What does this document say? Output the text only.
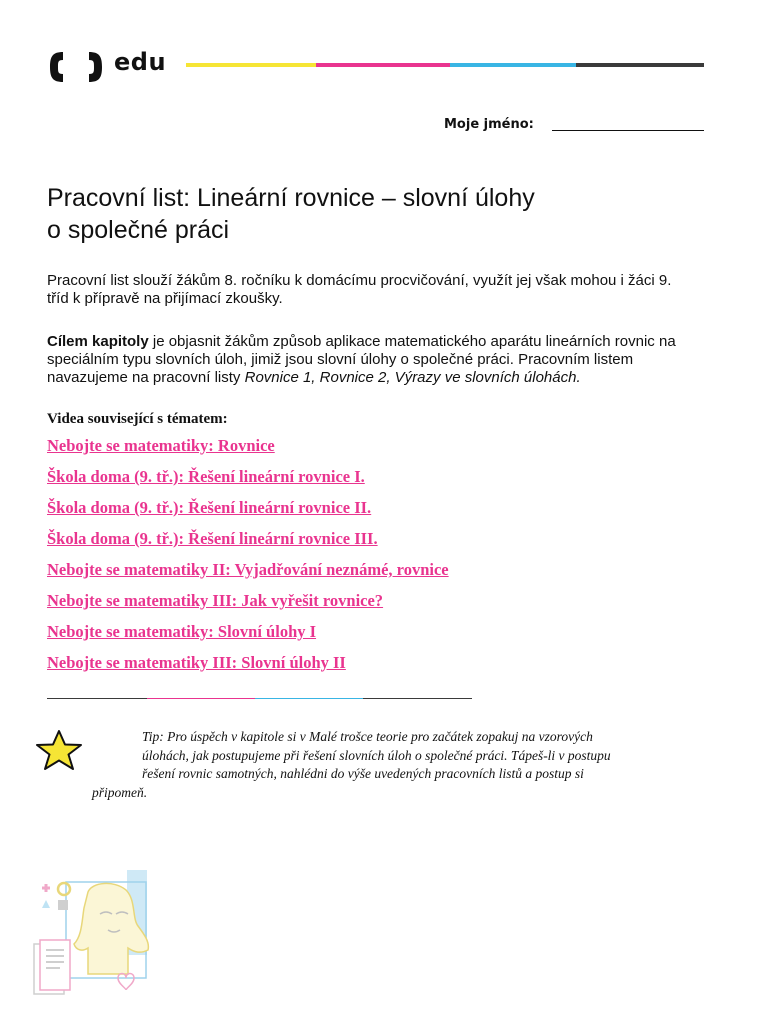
edu
Moje jméno:
Pracovní list: Lineární rovnice – slovní úlohy
o společné práci

Pracovní list slouží žákům 8. ročníku k domácímu procvičování, využít jej však mohou i žáci 9.
tříd k přípravě na přijímací zkoušky.

Cílem kapitoly je objasnit žákům způsob aplikace matematického aparátu lineárních rovnic na
speciálním typu slovních úloh, jimiž jsou slovní úlohy o společné práci. Pracovním listem
navazujeme na pracovní listy Rovnice 1, Rovnice 2, Výrazy ve slovních úlohách.

Videa související s tématem:
Nebojte se matematiky: Rovnice
Škola doma (9. tř.): Řešení lineární rovnice I.
Škola doma (9. tř.): Řešení lineární rovnice II.
Škola doma (9. tř.): Řešení lineární rovnice III.
Nebojte se matematiky II: Vyjadřování neznámé, rovnice
Nebojte se matematiky III: Jak vyřešit rovnice?
Nebojte se matematiky: Slovní úlohy I
Nebojte se matematiky III: Slovní úlohy II
Tip: Pro úspěch v kapitole si v Malé trošce teorie pro začátek zopakuj na vzorových
úlohách, jak postupujeme při řešení slovních úloh o společné práci. Tápeš-li v postupu
řešení rovnic samotných, nahlédni do výše uvedených pracovních listů a postup si
připomeň.
